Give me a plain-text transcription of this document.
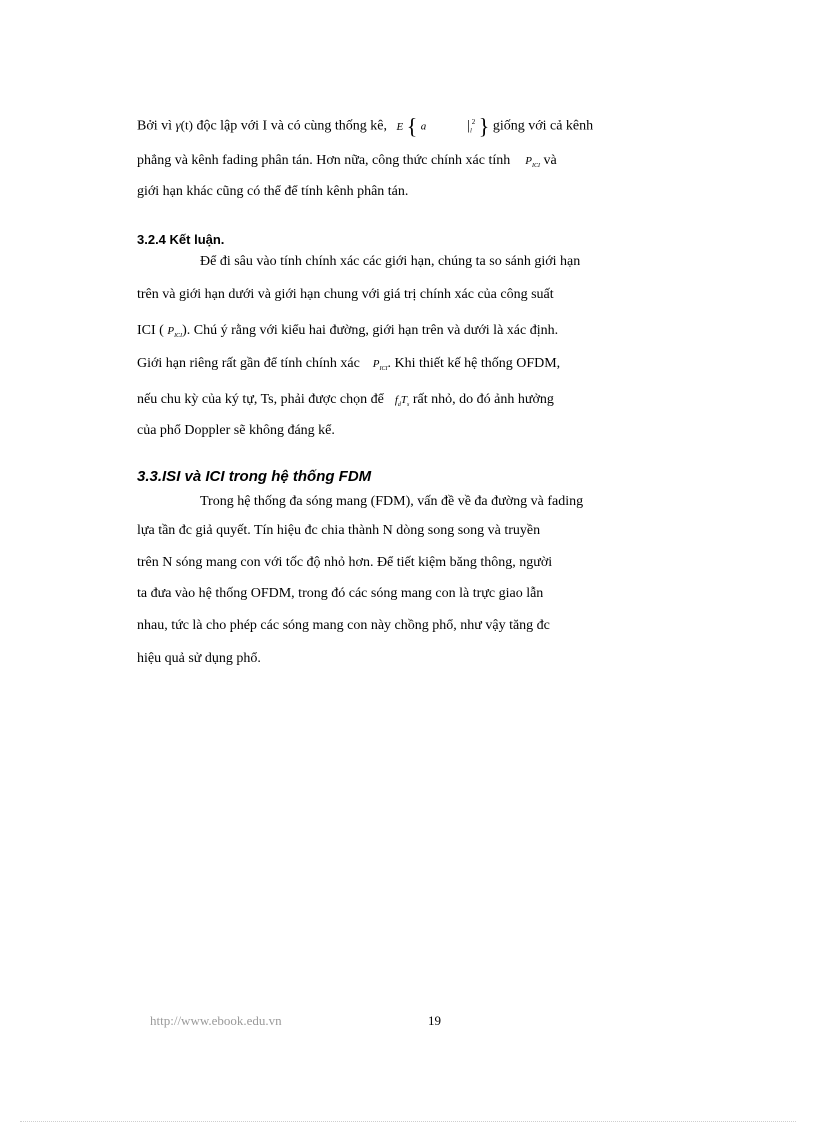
Bởi vì γ(t) độc lập với I và có cùng thống kê, E { a	$|_l^2$ } giống với cả kênh
phẳng và kênh fading phân tán. Hơn nữa, công thức chính xác tính $P_{ICI}$ và
giới hạn khác cũng có thể để tính kênh phân tán.
3.2.4 Kết luận.
Để đi sâu vào tính chính xác các giới hạn, chúng ta so sánh giới hạn
trên và giới hạn dưới và giới hạn chung với giá trị chính xác của công suất
ICI ( $P_{ICI}$). Chú ý rằng với kiểu hai đường, giới hạn trên và dưới là xác định.
Giới hạn riêng rất gần để tính chính xác $P_{ICI}$. Khi thiết kế hệ thống OFDM,
nếu chu kỳ của ký tự, Ts, phải được chọn để $f_dT_s$ rất nhỏ, do đó ảnh hưởng
của phổ Doppler sẽ không đáng kể.
3.3.ISI và ICI trong hệ thống FDM
Trong hệ thống đa sóng mang (FDM), vấn đề về đa đường và fading
lựa tần đc giả quyết. Tín hiệu đc chia thành N dòng song song và truyền
trên N sóng mang con với tốc độ nhỏ hơn. Để tiết kiệm băng thông, người
ta đưa vào hệ thống OFDM, trong đó các sóng mang con là trực giao lẫn
nhau, tức là cho phép các sóng mang con này chồng phổ, như vậy tăng đc
hiệu quả sử dụng phổ.
http://www.ebook.edu.vn	19
